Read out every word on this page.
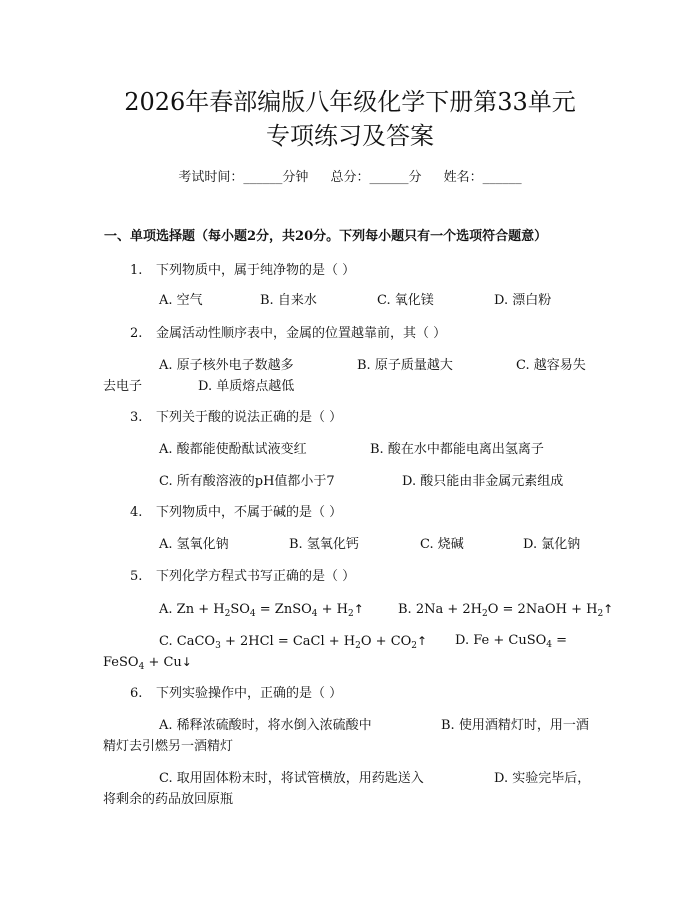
2026年春部编版八年级化学下册第33单元
专项练习及答案
考试时间：______分钟 总分：______分 姓名：______
一、单项选择题（每小题2分，共20分。下列每小题只有一个选项符合题意）
1. 下列物质中，属于纯净物的是（ ）
A. 空气	B. 自来水	C. 氧化镁	D. 漂白粉
2. 金属活动性顺序表中，金属的位置越靠前，其（ ）
A. 原子核外电子数越多	B. 原子质量越大	C. 越容易失
去电子	D. 单质熔点越低
3. 下列关于酸的说法正确的是（ ）
A. 酸都能使酚酞试液变红	B. 酸在水中都能电离出氢离子
C. 所有酸溶液的pH值都小于7	D. 酸只能由非金属元素组成
4. 下列物质中，不属于碱的是（ ）
A. 氢氧化钠	B. 氢氧化钙	C. 烧碱	D. 氯化钠
5. 下列化学方程式书写正确的是（ ）
A. $Zn + H_2SO_4$ = ZnSO$_4$ + $H_2↑$	B. $2Na + 2H_2O$ = 2NaOH + $H_2↑$
C. CaCO$_3$ + 2HCl = CaCl + $H_2O$ + $CO_2↑$ D. Fe + CuSO$_4$ =
FeSO$_4$ + Cu↓
6. 下列实验操作中，正确的是（ ）
A. 稀释浓硫酸时，将水倒入浓硫酸中	B. 使用酒精灯时，用一酒
精灯去引燃另一酒精灯
C. 取用固体粉末时，将试管横放，用药匙送入	D. 实验完毕后，
将剩余的药品放回原瓶
